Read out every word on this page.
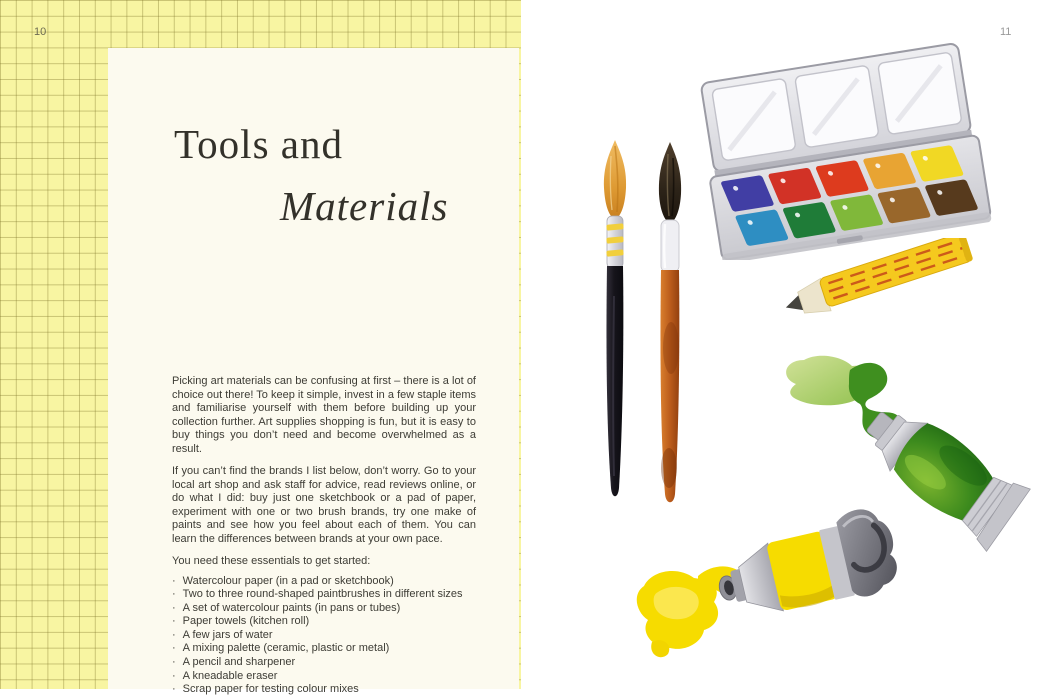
Tools and
Materials

Picking art materials can be confusing at first – there is a lot of choice out there! To keep it simple, invest in a few staple items and familiarise yourself with them before building up your collection further. Art supplies shopping is fun, but it is easy to buy things you don’t need and become overwhelmed as a result.

If you can’t find the brands I list below, don’t worry. Go to your local art shop and ask staff for advice, read reviews online, or do what I did: buy just one sketchbook or a pad of paper, experiment with one or two brush brands, try one make of paints and see how you feel about each of them. You can learn the differences between brands at your own pace.

You need these essentials to get started:

· Watercolour paper (in a pad or sketchbook)
· Two to three round-shaped paintbrushes in different sizes
· A set of watercolour paints (in pans or tubes)
· Paper towels (kitchen roll)
· A few jars of water
· A mixing palette (ceramic, plastic or metal)
· A pencil and sharpener
· A kneadable eraser
· Scrap paper for testing colour mixes
10	11
